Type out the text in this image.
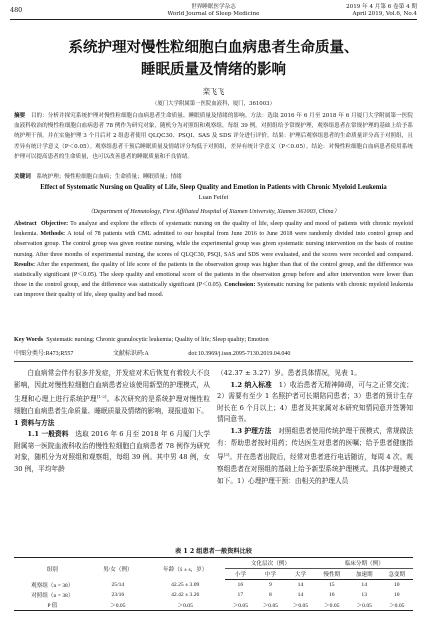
480	世界睡眠医学杂志
World Journal of Sleep Medicine
2019 年 4 月第 6 卷第 4 期
April 2019, Vol.6, No.4
系统护理对慢性粒细胞白血病患者生命质量、
睡眠质量及情绪的影响
栾飞飞
（厦门大学附属第一医院血液科，厦门，361003）
摘要　 目的：分析并探究系统护理对慢性粒细胞白血病患者生命质量、睡眠质量及情绪的影响。方法：选取 2016 年 6 月至 2018 年 6 月厦门大学附属第一医院血液科收治的慢性粒细胞白血病患者 78 例作为研究对象，随机分为对照组和观察组，每组 39 例。对照组给予常规护理，观察组患者在常规护理的基础上给予系统护理干预。并在实施护理 3 个月后对 2 组患者使用 QLQC30、PSQI、SAS 及 SDS 评分进行评价。结果：护理后观察组患者的生命质量评分高于对照组，且差异有统计学意义（P＜0.05）。观察组患者干预后睡眠质量及情绪评分均低于对照组，差异有统计学意义（P＜0.05）。结论：对慢性粒细胞白血病患者使用系统护理可以提高患者的生命质量，也可以改善患者的睡眠质量和不良情绪。
关键词　 系统护理；慢性粒细胞白血病；生命质量；睡眠质量；情绪
Effect of Systematic Nursing on Quality of Life, Sleep Quality and Emotion in Patients with Chronic Myeloid Leukemia
Luan Feifei
（Department of Hematology, First Affiliated Hospital of Xiamen University, Xiamen 361003, China）
Abstract Objective: To analyze and explore the effects of systematic nursing on the quality of life, sleep quality and mood of patients with chronic myeloid leukemia. Methods: A total of 78 patients with CML admitted to our hospital from June 2016 to June 2018 were randomly divided into control group and observation group. The control group was given routine nursing, while the experimental group was given systematic nursing intervention on the basis of routine nursing. After three months of experimental nursing, the scores of QLQC30, PSQI, SAS and SDS were evaluated, and the scores were recorded and compared. Results: After the experiment, the quality of life score of the patients in the observation group was higher than that of the control group, and the difference was statistically significant (P＜0.05). The sleep quality and emotional score of the patients in the observation group before and after intervention were lower than those in the control group, and the difference was statistically significant (P＜0.05). Conclusion: Systematic nursing for patients with chronic myeloid leukemia can improve their quality of life, sleep quality and bad mood.
Key Words Systematic nursing; Chronic granulocytic leukemia; Quality of life; Sleep quality; Emotion
中图分类号:R473;R557	文献标识码:A	doi:10.3969/j.issn.2095-7130.2019.04.040

白血病常会伴有很多并发症，并发症对术后恢复有着较大不良影响，因此对慢性粒细胞白血病患者应该使用新型的护理模式，从生理和心理上进行系统护理[1-2]。本次研究的是系统护理对慢性粒细胞白血病患者生命质量、睡眠质量及情绪的影响，现报道如下。

1 资料与方法

1.1 一般资料　 选取 2016 年 6 月至 2018 年 6 月厦门大学附属第一医院血液科收治的慢性粒细胞白血病患者 78 例作为研究对象，随机分为对照组和观察组，每组 39 例。其中男 48 例，女 30 例，平均年龄

（42.37 ± 3.27）岁。患者具体情况，见表 1。

1.2 纳入标准　 1）收治患者无精神障碍，可与之正常交流；2）需要有至少 1 名照护者可长期陪同患者；3）患者的预计生存时长在 6 个月以上；4）患者及其家属对本研究知情同意并签署知情同意书。

1.3 护理方法　 对照组患者使用传统护理干预模式，常规做法有：帮助患者按时用药；传达医生对患者的医嘱；给予患者健康指导[3]。并在患者出院后，经常对患者进行电话随访，每周 4 次。观察组患者在对照组的基础上给予新型系统护理模式。具体护理模式如下。1）心理护理干预：由相关的护理人员

表 1 2 组患者一般资料比较
组别	男/女（例）	年龄（x̄ ± s，岁）	文化层次（例）			临床分期（例）		
			小学	中学	大学	慢性期	加速期	急变期
观察组（n = 38）	25/14	42.25 ± 3.09	16	9	14	15	14	10
对照组（n = 38）	23/16	42.42 ± 3.26	17	8	14	16	13	10
P 值	＞0.05	＞0.05	＞0.05	＞0.05	＞0.05	＞0.05	＞0.05	＞0.05
